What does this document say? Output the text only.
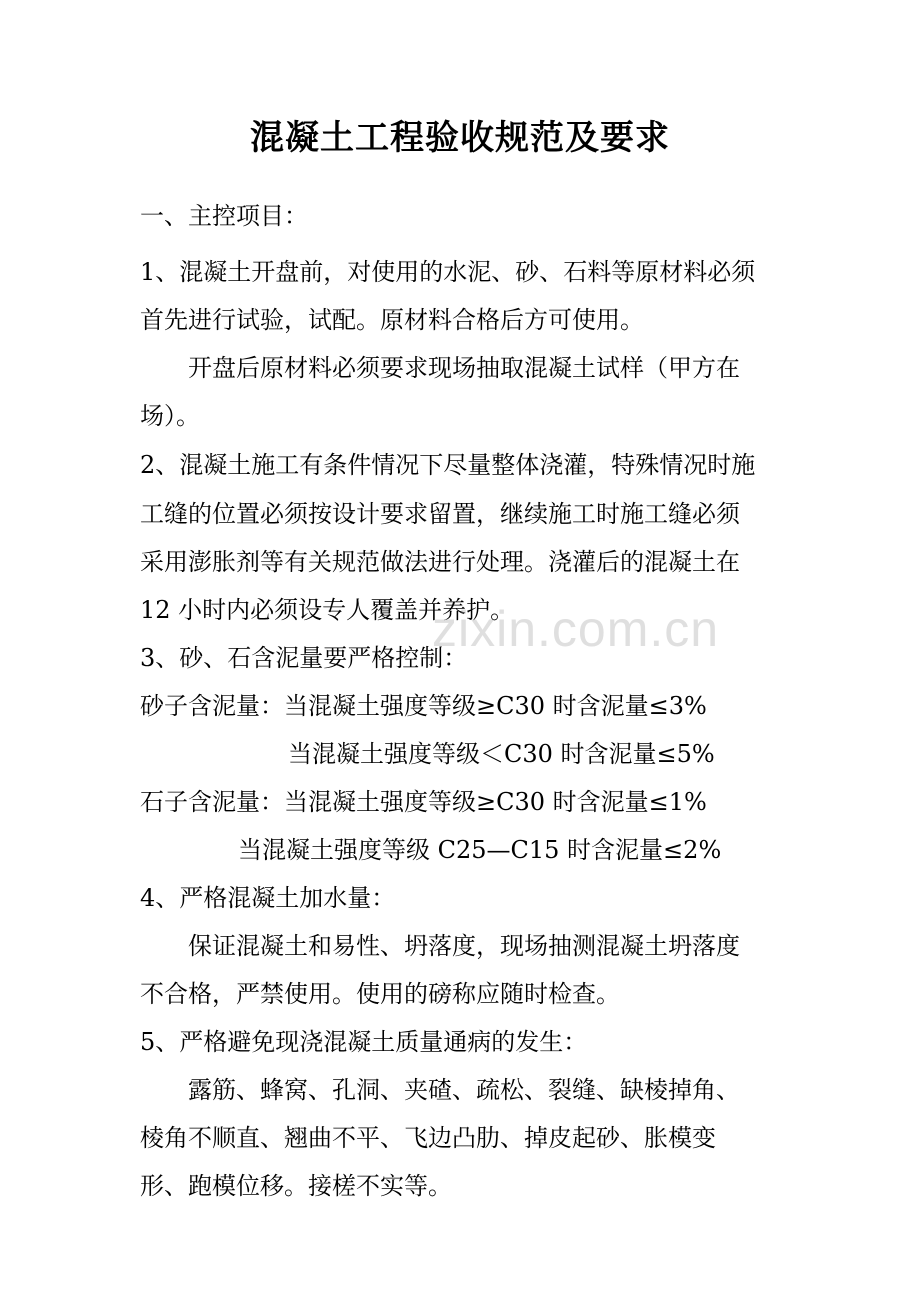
混凝土工程验收规范及要求
一、主控项目：
1、混凝土开盘前，对使用的水泥、砂、石料等原材料必须
首先进行试验，试配。原材料合格后方可使用。
开盘后原材料必须要求现场抽取混凝土试样（甲方在
场）。
2、混凝土施工有条件情况下尽量整体浇灌，特殊情况时施
工缝的位置必须按设计要求留置，继续施工时施工缝必须
采用澎胀剂等有关规范做法进行处理。浇灌后的混凝土在
12 小时内必须设专人覆盖并养护。
3、砂、石含泥量要严格控制：
砂子含泥量：当混凝土强度等级≥C30 时含泥量≤3%
当混凝土强度等级＜C30 时含泥量≤5%
石子含泥量：当混凝土强度等级≥C30 时含泥量≤1%
当混凝土强度等级 C25—C15 时含泥量≤2%
4、严格混凝土加水量：
保证混凝土和易性、坍落度，现场抽测混凝土坍落度
不合格，严禁使用。使用的磅称应随时检查。
5、严格避免现浇混凝土质量通病的发生：
露筋、蜂窝、孔洞、夹碴、疏松、裂缝、缺棱掉角、
棱角不顺直、翘曲不平、飞边凸肋、掉皮起砂、胀模变
形、跑模位移。接槎不实等。
zixin.com.cn
